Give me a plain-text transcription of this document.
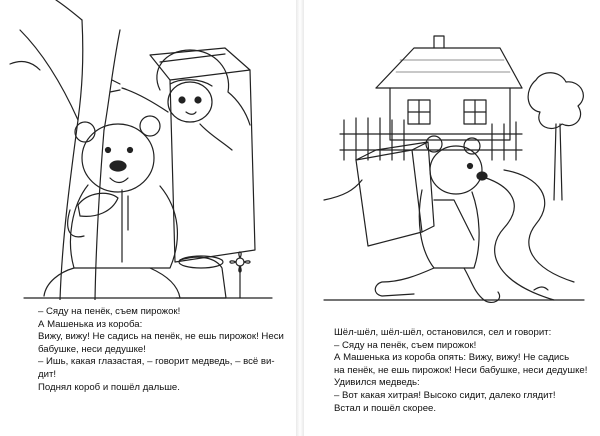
– Сяду на пенёк, съем пирожок!
А Машенька из короба:
Вижу, вижу! Не садись на пенёк, не ешь пирожок! Неси
бабушке, неси дедушке!
– Ишь, какая глазастая, – говорит медведь, – всё ви-
дит!
Поднял короб и пошёл дальше.
Шёл-шёл, шёл-шёл, остановился, сел и говорит:
– Сяду на пенёк, съем пирожок!
А Машенька из короба опять: Вижу, вижу! Не садись
на пенёк, не ешь пирожок! Неси бабушке, неси дедушке!
Удивился медведь:
– Вот какая хитрая! Высоко сидит, далеко глядит!
Встал и пошёл скорее.
